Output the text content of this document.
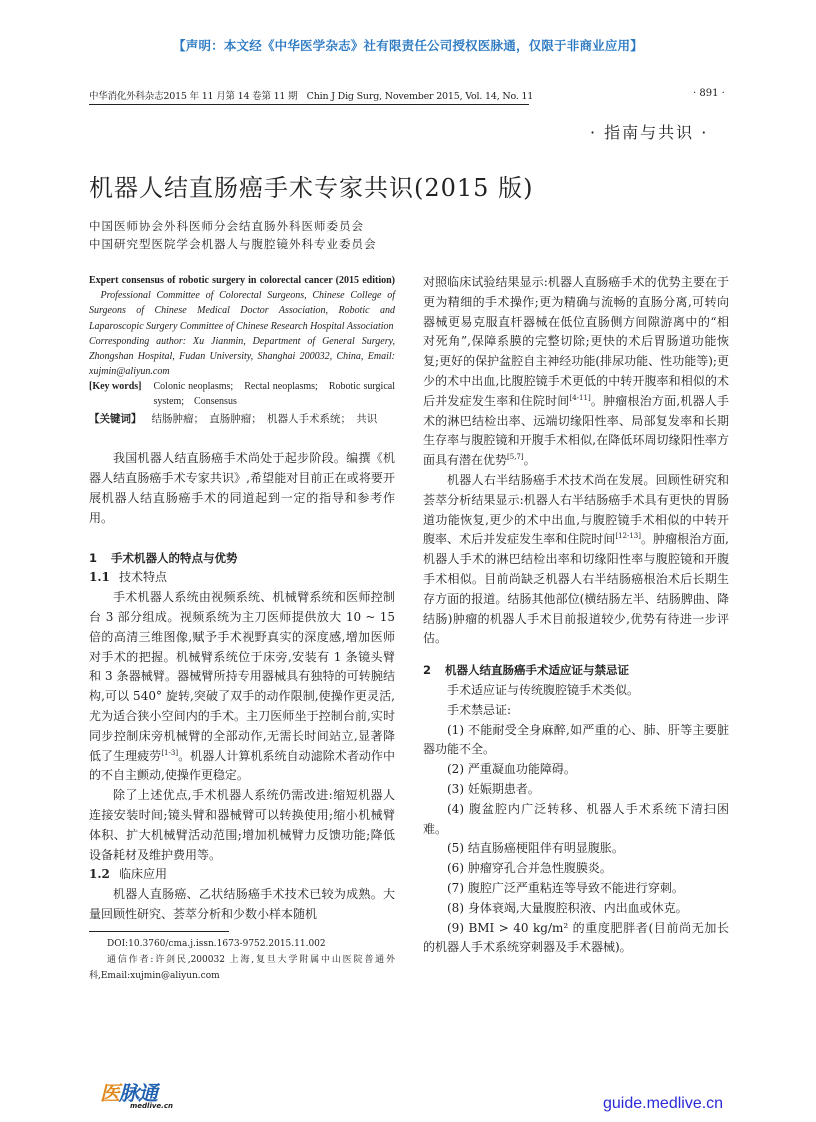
【声明：本文经《中华医学杂志》社有限责任公司授权医脉通，仅限于非商业应用】
中华消化外科杂志2015 年 11 月第 14 卷第 11 期　Chin J Dig Surg, November 2015, Vol. 14, No. 11	· 891 ·
· 指南与共识 ·
机器人结直肠癌手术专家共识(2015 版)
中国医师协会外科医师分会结直肠外科医师委员会
中国研究型医院学会机器人与腹腔镜外科专业委员会
Expert consensus of robotic surgery in colorectal cancer (2015 edition)   Professional Committee of Colorectal Surgeons, Chinese College of Surgeons of Chinese Medical Doctor Association, Robotic and Laparoscopic Surgery Committee of Chinese Research Hospital Association
Corresponding author: Xu Jianmin, Department of General Surgery, Zhongshan Hospital, Fudan University, Shanghai 200032, China, Email: xujmin@aliyun.com
[Key words] Colonic neoplasms;　Rectal neoplasms;　Robotic surgical system;　Consensus
【关键词】 结肠肿瘤；　直肠肿瘤；　机器人手术系统；　共识

我国机器人结直肠癌手术尚处于起步阶段。编撰《机器人结直肠癌手术专家共识》,希望能对目前正在或将要开展机器人结直肠癌手术的同道起到一定的指导和参考作用。

1 手术机器人的特点与优势
1.1 技术特点

手术机器人系统由视频系统、机械臂系统和医师控制台 3 部分组成。视频系统为主刀医师提供放大 10 ~ 15 倍的高清三维图像,赋予手术视野真实的深度感,增加医师对手术的把握。机械臂系统位于床旁,安装有 1 条镜头臂和 3 条器械臂。器械臂所持专用器械具有独特的可转腕结构,可以 540° 旋转,突破了双手的动作限制,使操作更灵活,尤为适合狭小空间内的手术。主刀医师坐于控制台前,实时同步控制床旁机械臂的全部动作,无需长时间站立,显著降低了生理疲劳[1-3]。机器人计算机系统自动滤除术者动作中的不自主颤动,使操作更稳定。

除了上述优点,手术机器人系统仍需改进:缩短机器人连接安装时间;镜头臂和器械臂可以转换使用;缩小机械臂体积、扩大机械臂活动范围;增加机械臂力反馈功能;降低设备耗材及维护费用等。

1.2 临床应用

机器人直肠癌、乙状结肠癌手术技术已较为成熟。大量回顾性研究、荟萃分析和少数小样本随机

DOI:10.3760/cma.j.issn.1673-9752.2015.11.002
通信作者:许剑民,200032 上海,复旦大学附属中山医院普通外科,Email:xujmin@aliyun.com

对照临床试验结果显示:机器人直肠癌手术的优势主要在于更为精细的手术操作;更为精确与流畅的直肠分离,可转向器械更易克服直杆器械在低位直肠侧方间隙游离中的“相对死角”,保障系膜的完整切除;更快的术后胃肠道功能恢复;更好的保护盆腔自主神经功能(排尿功能、性功能等);更少的术中出血,比腹腔镜手术更低的中转开腹率和相似的术后并发症发生率和住院时间[4-11]。肿瘤根治方面,机器人手术的淋巴结检出率、远端切缘阳性率、局部复发率和长期生存率与腹腔镜和开腹手术相似,在降低环周切缘阳性率方面具有潜在优势[5,7]。

机器人右半结肠癌手术技术尚在发展。回顾性研究和荟萃分析结果显示:机器人右半结肠癌手术具有更快的胃肠道功能恢复,更少的术中出血,与腹腔镜手术相似的中转开腹率、术后并发症发生率和住院时间[12-13]。肿瘤根治方面,机器人手术的淋巴结检出率和切缘阳性率与腹腔镜和开腹手术相似。目前尚缺乏机器人右半结肠癌根治术后长期生存方面的报道。结肠其他部位(横结肠左半、结肠脾曲、降结肠)肿瘤的机器人手术目前报道较少,优势有待进一步评估。

2 机器人结直肠癌手术适应证与禁忌证

手术适应证与传统腹腔镜手术类似。

手术禁忌证:

(1) 不能耐受全身麻醉,如严重的心、肺、肝等主要脏器功能不全。

(2) 严重凝血功能障碍。

(3) 妊娠期患者。

(4) 腹盆腔内广泛转移、机器人手术系统下清扫困难。

(5) 结直肠癌梗阻伴有明显腹胀。

(6) 肿瘤穿孔合并急性腹膜炎。

(7) 腹腔广泛严重粘连等导致不能进行穿刺。

(8) 身体衰竭,大量腹腔积液、内出血或休克。

(9) BMI > 40 kg/m² 的重度肥胖者(目前尚无加长的机器人手术系统穿刺器及手术器械)。

医脉通
medlive.cn	guide.medlive.cn
